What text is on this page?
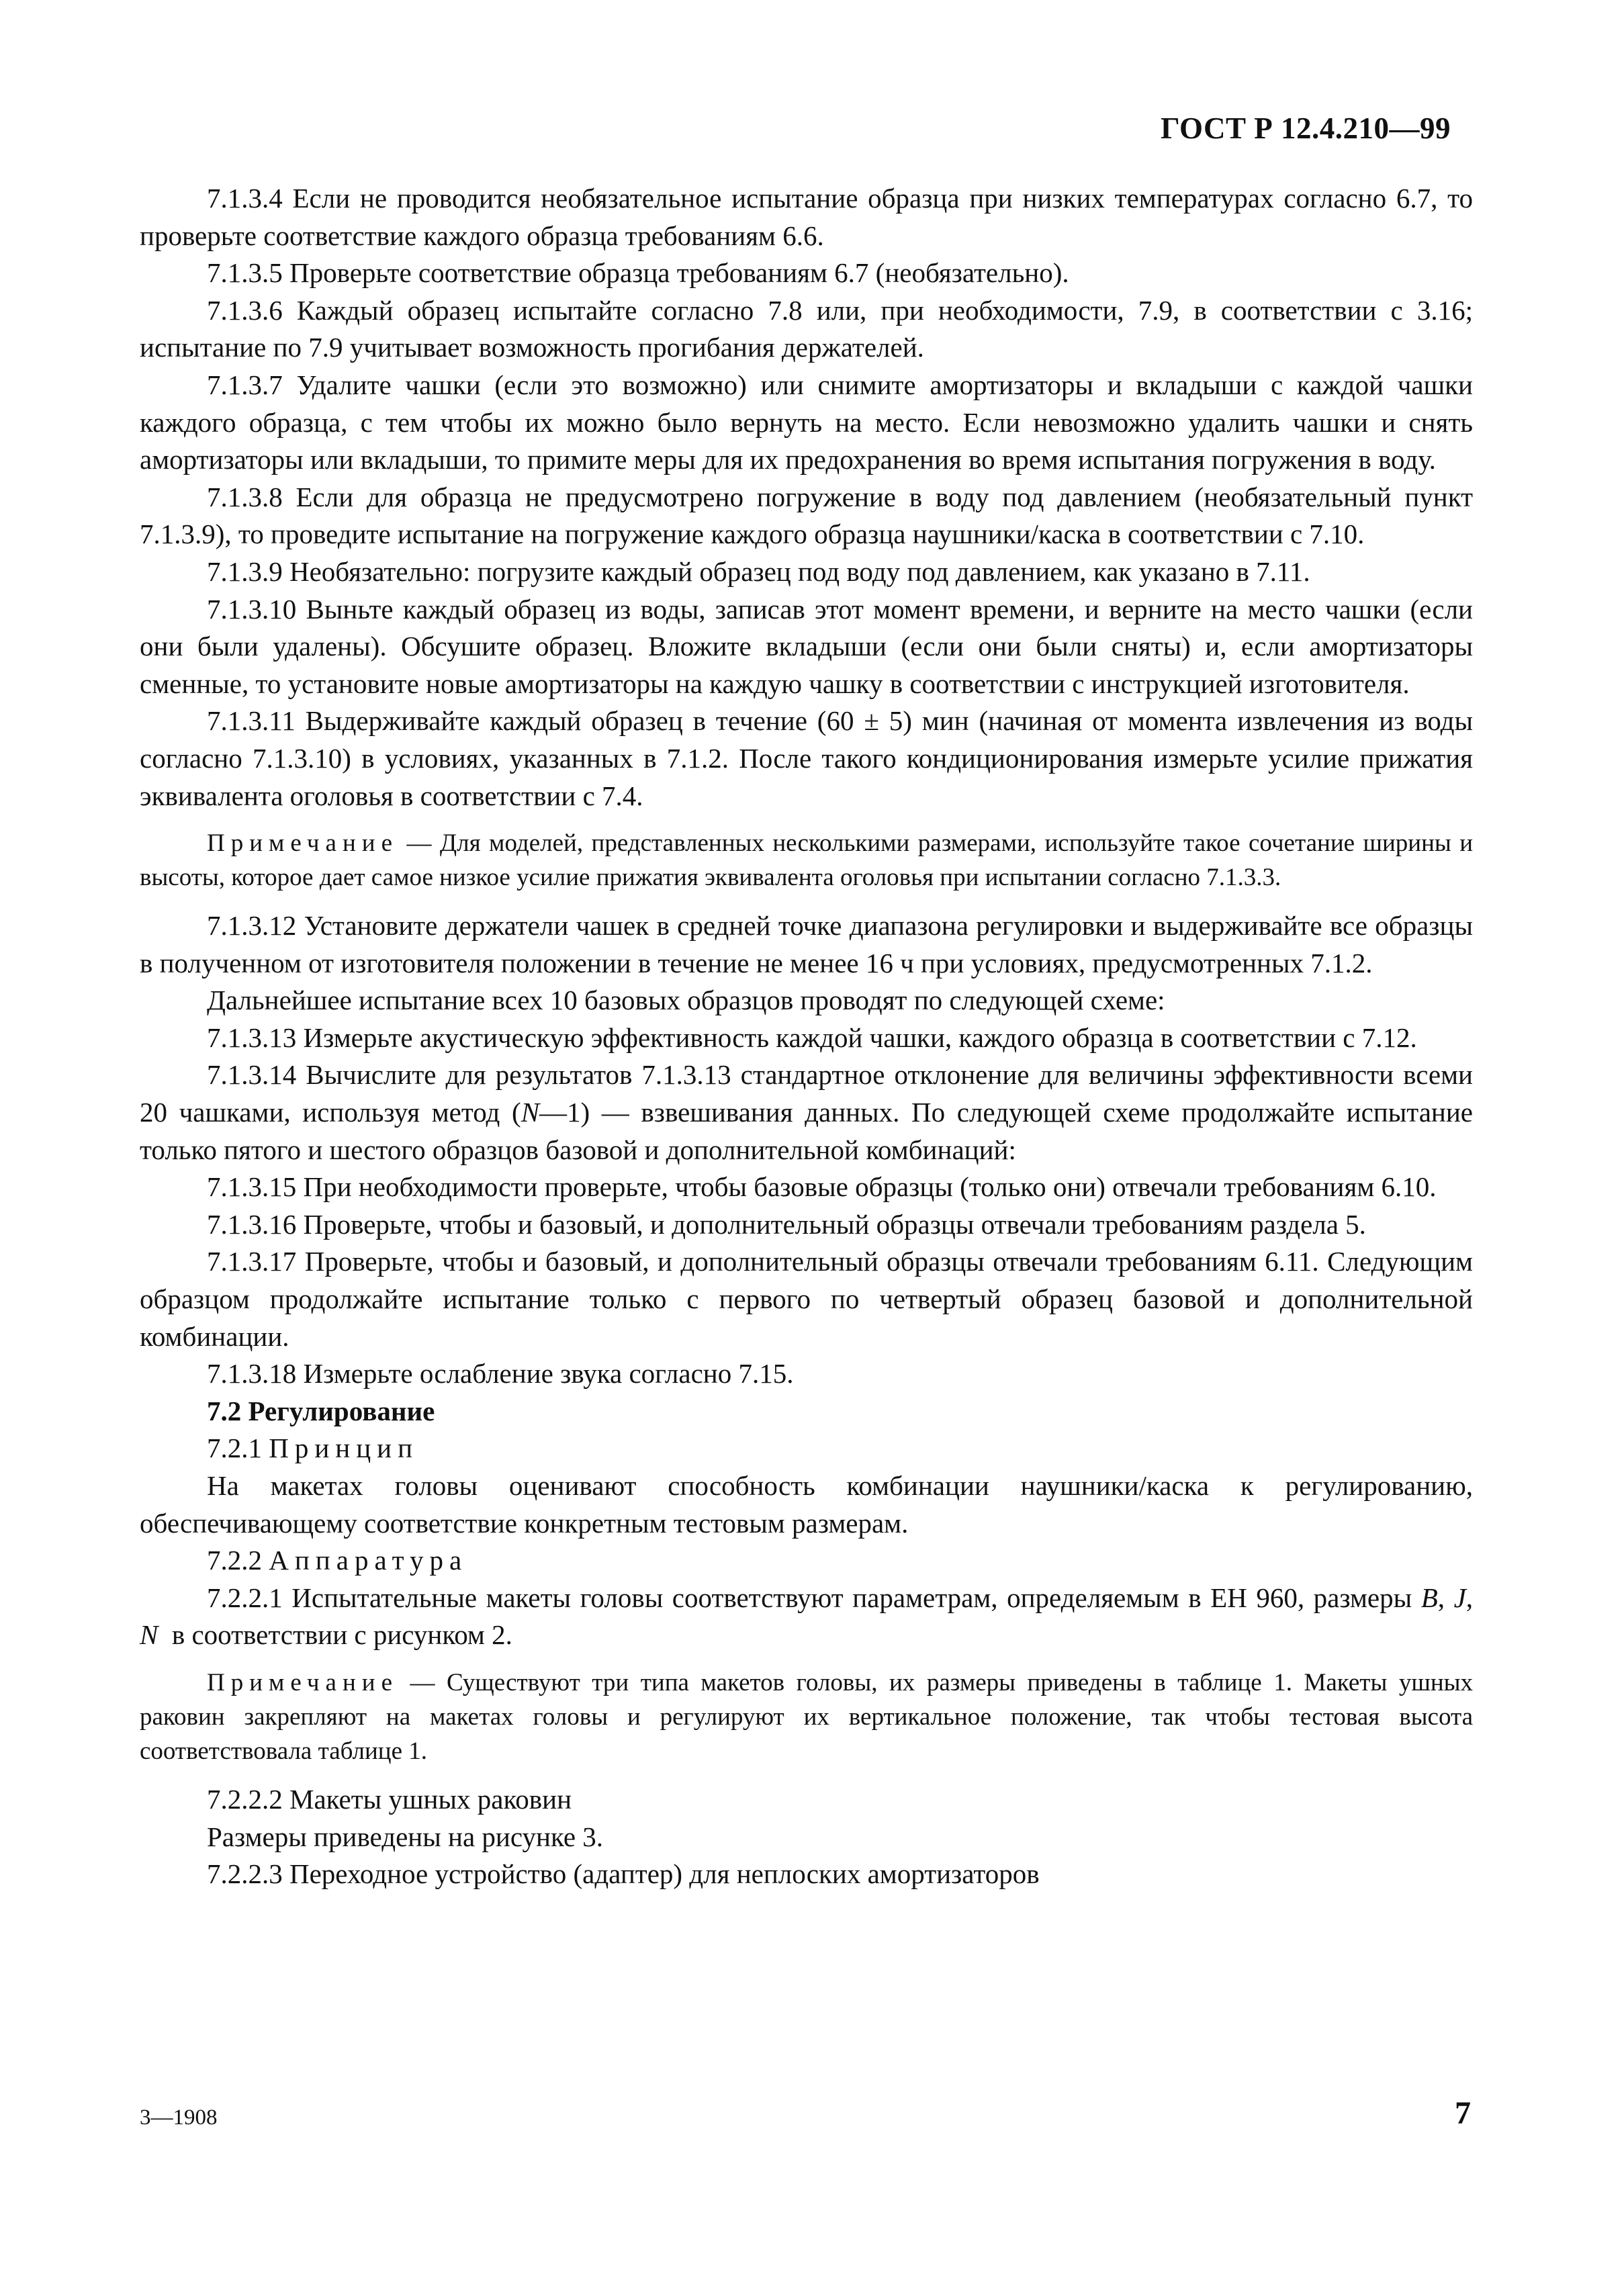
ГОСТ Р 12.4.210—99

7.1.3.4 Если не проводится необязательное испытание образца при низких температурах согласно 6.7, то проверьте соответствие каждого образца требованиям 6.6.

7.1.3.5 Проверьте соответствие образца требованиям 6.7 (необязательно).

7.1.3.6 Каждый образец испытайте согласно 7.8 или, при необходимости, 7.9, в соответствии с 3.16; испытание по 7.9 учитывает возможность прогибания держателей.

7.1.3.7 Удалите чашки (если это возможно) или снимите амортизаторы и вкладыши с каждой чашки каждого образца, с тем чтобы их можно было вернуть на место. Если невозможно удалить чашки и снять амортизаторы или вкладыши, то примите меры для их предохранения во время испытания погружения в воду.

7.1.3.8 Если для образца не предусмотрено погружение в воду под давлением (необязательный пункт 7.1.3.9), то проведите испытание на погружение каждого образца наушники/каска в соответствии с 7.10.

7.1.3.9 Необязательно: погрузите каждый образец под воду под давлением, как указано в 7.11.

7.1.3.10 Выньте каждый образец из воды, записав этот момент времени, и верните на место чашки (если они были удалены). Обсушите образец. Вложите вкладыши (если они были сняты) и, если амортизаторы сменные, то установите новые амортизаторы на каждую чашку в соответствии с инструкцией изготовителя.

7.1.3.11 Выдерживайте каждый образец в течение (60 ± 5) мин (начиная от момента извлечения из воды согласно 7.1.3.10) в условиях, указанных в 7.1.2. После такого кондиционирования измерьте усилие прижатия эквивалента оголовья в соответствии с 7.4.

Примечание — Для моделей, представленных несколькими размерами, используйте такое сочетание ширины и высоты, которое дает самое низкое усилие прижатия эквивалента оголовья при испытании согласно 7.1.3.3.

7.1.3.12 Установите держатели чашек в средней точке диапазона регулировки и выдерживайте все образцы в полученном от изготовителя положении в течение не менее 16 ч при условиях, предусмотренных 7.1.2.

Дальнейшее испытание всех 10 базовых образцов проводят по следующей схеме:

7.1.3.13 Измерьте акустическую эффективность каждой чашки, каждого образца в соответствии с 7.12.

7.1.3.14 Вычислите для результатов 7.1.3.13 стандартное отклонение для величины эффективности всеми 20 чашками, используя метод (N—1) — взвешивания данных. По следующей схеме продолжайте испытание только пятого и шестого образцов базовой и дополнительной комбинаций:

7.1.3.15 При необходимости проверьте, чтобы базовые образцы (только они) отвечали требованиям 6.10.

7.1.3.16 Проверьте, чтобы и базовый, и дополнительный образцы отвечали требованиям раздела 5.

7.1.3.17 Проверьте, чтобы и базовый, и дополнительный образцы отвечали требованиям 6.11. Следующим образцом продолжайте испытание только с первого по четвертый образец базовой и дополнительной комбинации.

7.1.3.18 Измерьте ослабление звука согласно 7.15.

7.2 Регулирование

7.2.1 Принцип

На макетах головы оценивают способность комбинации наушники/каска к регулированию, обеспечивающему соответствие конкретным тестовым размерам.

7.2.2 Аппаратура

7.2.2.1 Испытательные макеты головы соответствуют параметрам, определяемым в ЕН 960, размеры B, J, N в соответствии с рисунком 2.

Примечание — Существуют три типа макетов головы, их размеры приведены в таблице 1. Макеты ушных раковин закрепляют на макетах головы и регулируют их вертикальное положение, так чтобы тестовая высота соответствовала таблице 1.

7.2.2.2 Макеты ушных раковин

Размеры приведены на рисунке 3.

7.2.2.3 Переходное устройство (адаптер) для неплоских амортизаторов

3—1908	7
